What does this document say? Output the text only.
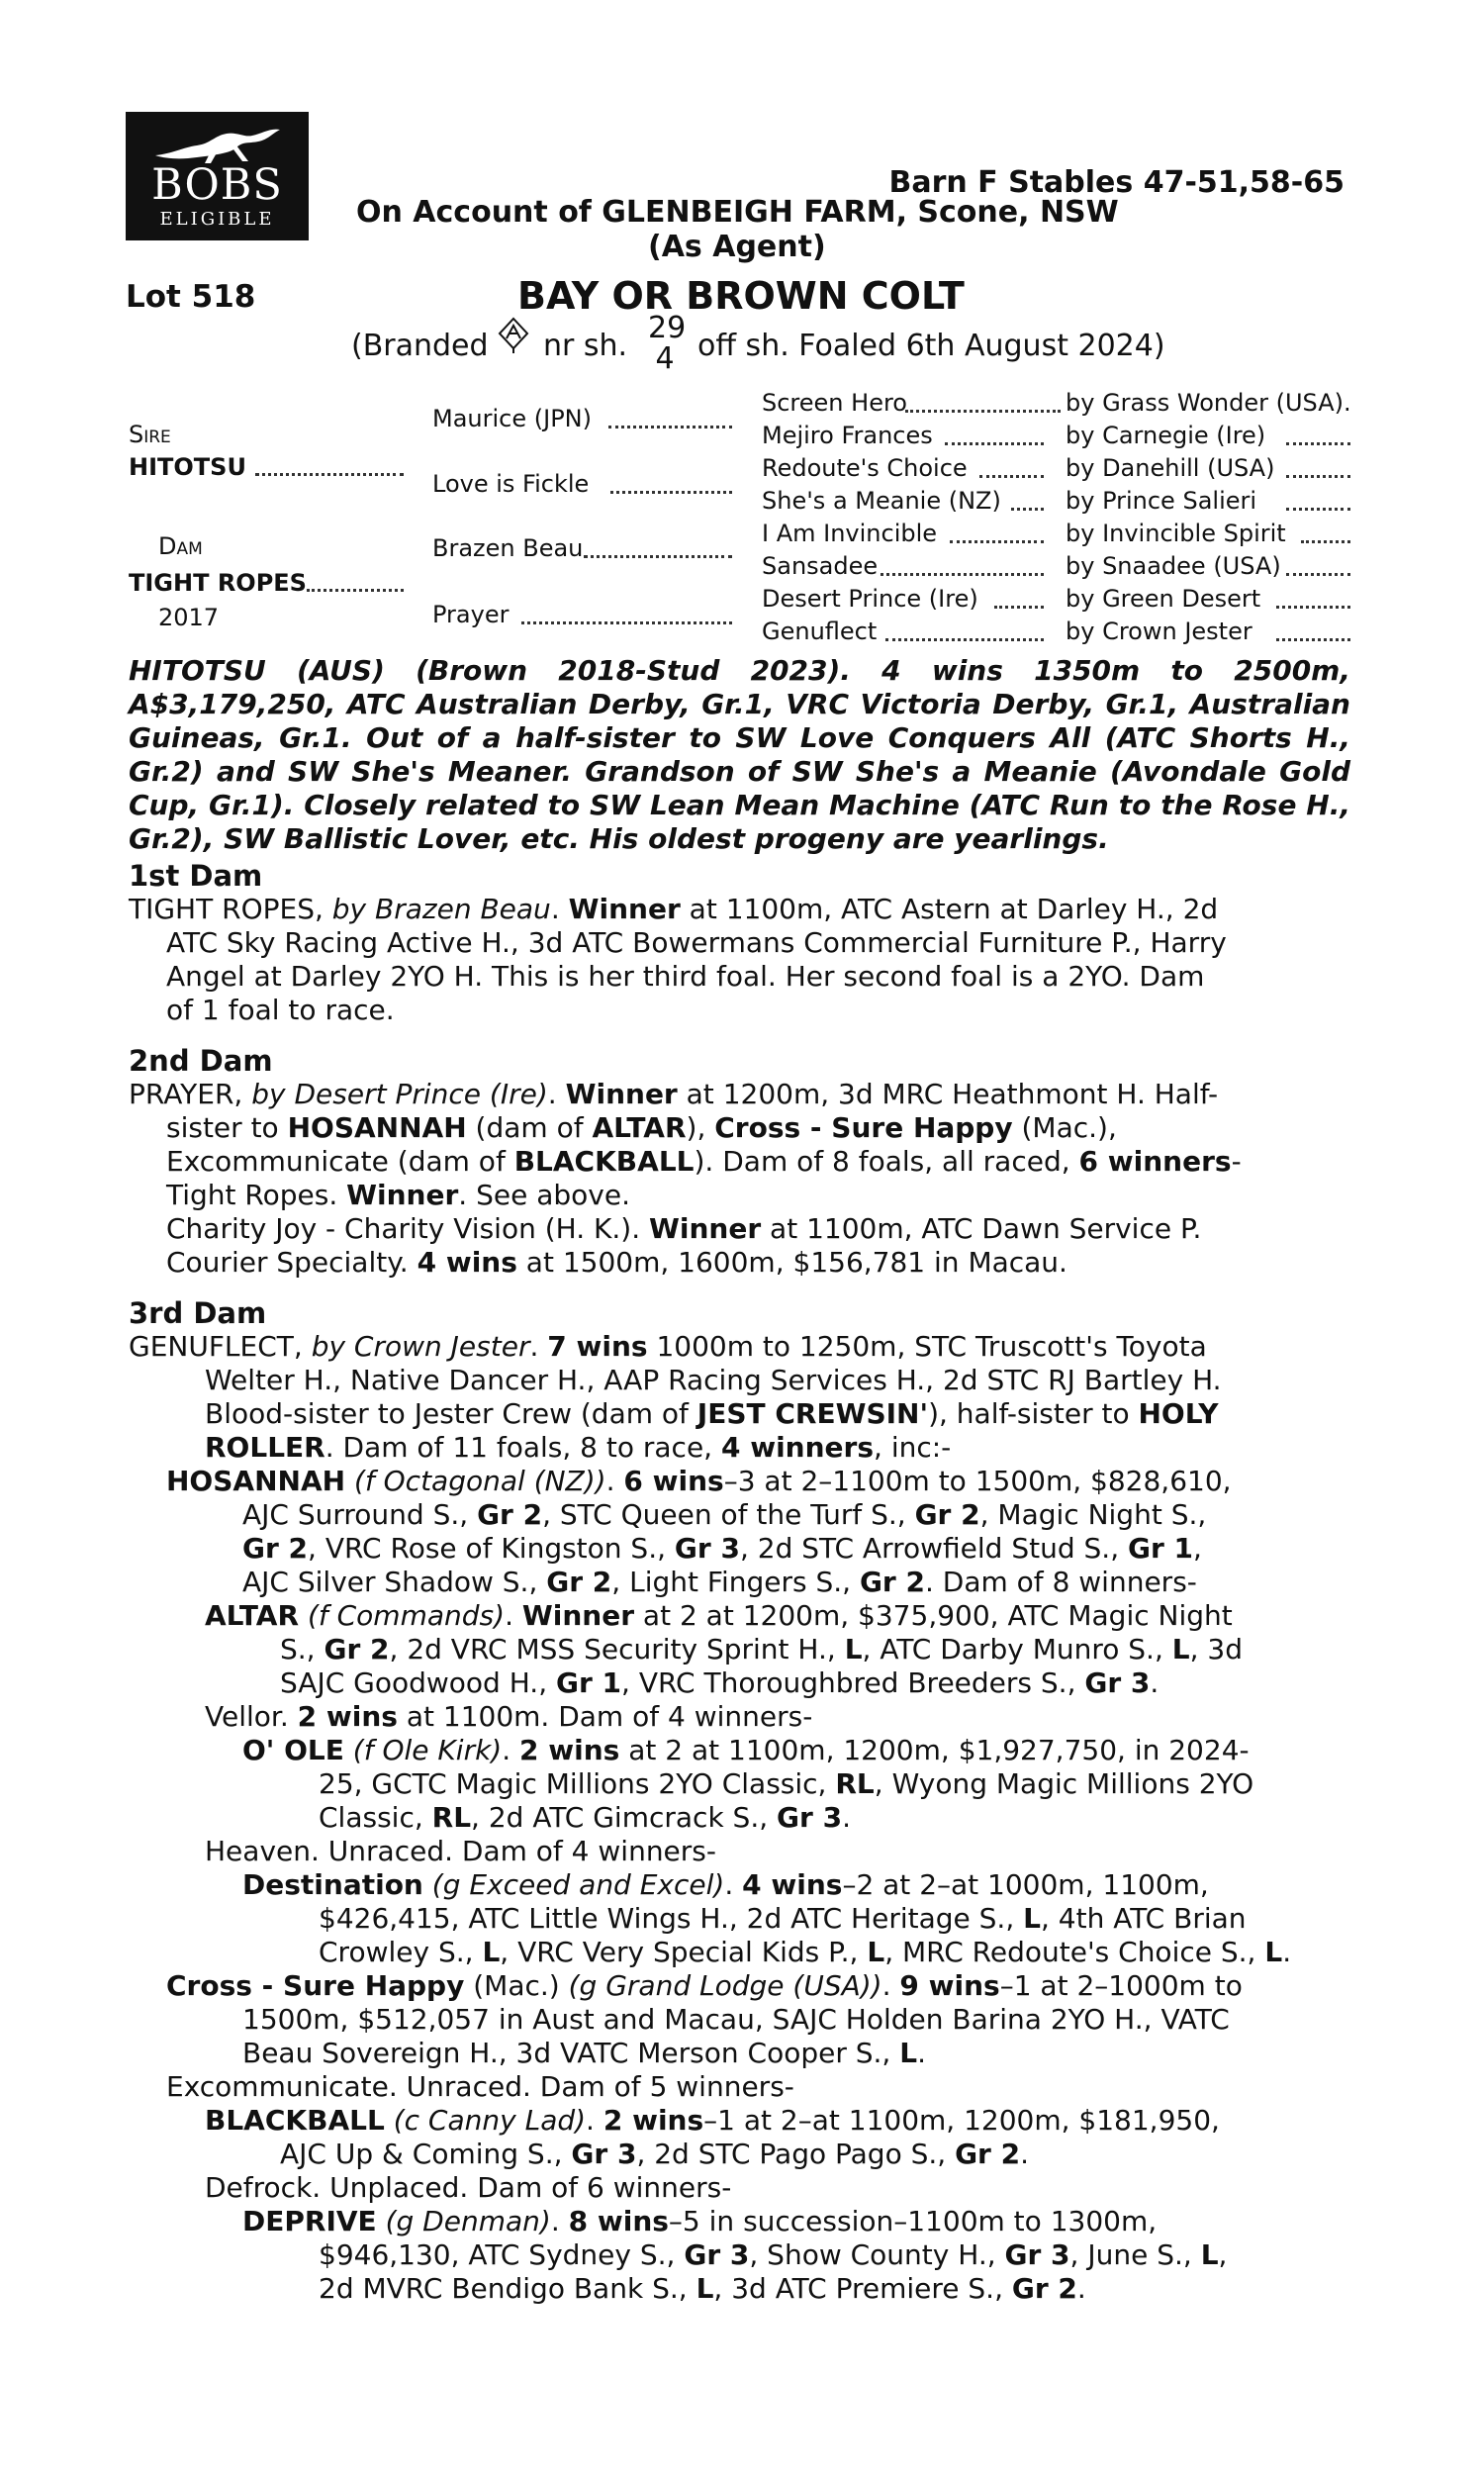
BOBS
ELIGIBLE
Barn F Stables 47-51,58-65
On Account of GLENBEIGH FARM, Scone, NSW
(As Agent)
Lot 518	BAY OR BROWN COLT
(Branded nr sh.
29
4 off sh. Foaled 6th August 2024)
Sire
HITOTSU
Dam
TIGHT ROPES
2017
Maurice (JPN)
Love is Fickle
Brazen Beau
Prayer
Screen Hero
Mejiro Frances
Redoute's Choice
She's a Meanie (NZ)
I Am Invincible
Sansadee
Desert Prince (Ire)
Genuflect
by Grass Wonder (USA).
by Carnegie (Ire)
by Danehill (USA)
by Prince Salieri
by Invincible Spirit
by Snaadee (USA)
by Green Desert
by Crown Jester
HITOTSU (AUS) (Brown 2018-Stud 2023). 4 wins 1350m to 2500m,
A$3,179,250, ATC Australian Derby, Gr.1, VRC Victoria Derby, Gr.1, Australian
Guineas, Gr.1. Out of a half-sister to SW Love Conquers All (ATC Shorts H.,
Gr.2) and SW She's Meaner. Grandson of SW She's a Meanie (Avondale Gold
Cup, Gr.1). Closely related to SW Lean Mean Machine (ATC Run to the Rose H.,
Gr.2), SW Ballistic Lover, etc. His oldest progeny are yearlings.
1st Dam
TIGHT ROPES, by Brazen Beau. Winner at 1100m, ATC Astern at Darley H., 2d
ATC Sky Racing Active H., 3d ATC Bowermans Commercial Furniture P., Harry
Angel at Darley 2YO H. This is her third foal. Her second foal is a 2YO. Dam
of 1 foal to race.
2nd Dam
PRAYER, by Desert Prince (Ire). Winner at 1200m, 3d MRC Heathmont H. Half-
sister to HOSANNAH (dam of ALTAR), Cross - Sure Happy (Mac.),
Excommunicate (dam of BLACKBALL). Dam of 8 foals, all raced, 6 winners-
Tight Ropes. Winner. See above.
Charity Joy - Charity Vision (H. K.). Winner at 1100m, ATC Dawn Service P.
Courier Specialty. 4 wins at 1500m, 1600m, $156,781 in Macau.
3rd Dam
GENUFLECT, by Crown Jester. 7 wins 1000m to 1250m, STC Truscott's Toyota
Welter H., Native Dancer H., AAP Racing Services H., 2d STC RJ Bartley H.
Blood-sister to Jester Crew (dam of JEST CREWSIN'), half-sister to HOLY
ROLLER. Dam of 11 foals, 8 to race, 4 winners, inc:-
HOSANNAH (f Octagonal (NZ)). 6 wins–3 at 2–1100m to 1500m, $828,610,
AJC Surround S., Gr 2, STC Queen of the Turf S., Gr 2, Magic Night S.,
Gr 2, VRC Rose of Kingston S., Gr 3, 2d STC Arrowfield Stud S., Gr 1,
AJC Silver Shadow S., Gr 2, Light Fingers S., Gr 2. Dam of 8 winners-
ALTAR (f Commands). Winner at 2 at 1200m, $375,900, ATC Magic Night
S., Gr 2, 2d VRC MSS Security Sprint H., L, ATC Darby Munro S., L, 3d
SAJC Goodwood H., Gr 1, VRC Thoroughbred Breeders S., Gr 3.
Vellor. 2 wins at 1100m. Dam of 4 winners-
O' OLE (f Ole Kirk). 2 wins at 2 at 1100m, 1200m, $1,927,750, in 2024-
25, GCTC Magic Millions 2YO Classic, RL, Wyong Magic Millions 2YO
Classic, RL, 2d ATC Gimcrack S., Gr 3.
Heaven. Unraced. Dam of 4 winners-
Destination (g Exceed and Excel). 4 wins–2 at 2–at 1000m, 1100m,
$426,415, ATC Little Wings H., 2d ATC Heritage S., L, 4th ATC Brian
Crowley S., L, VRC Very Special Kids P., L, MRC Redoute's Choice S., L.
Cross - Sure Happy (Mac.) (g Grand Lodge (USA)). 9 wins–1 at 2–1000m to
1500m, $512,057 in Aust and Macau, SAJC Holden Barina 2YO H., VATC
Beau Sovereign H., 3d VATC Merson Cooper S., L.
Excommunicate. Unraced. Dam of 5 winners-
BLACKBALL (c Canny Lad). 2 wins–1 at 2–at 1100m, 1200m, $181,950,
AJC Up & Coming S., Gr 3, 2d STC Pago Pago S., Gr 2.
Defrock. Unplaced. Dam of 6 winners-
DEPRIVE (g Denman). 8 wins–5 in succession–1100m to 1300m,
$946,130, ATC Sydney S., Gr 3, Show County H., Gr 3, June S., L,
2d MVRC Bendigo Bank S., L, 3d ATC Premiere S., Gr 2.
